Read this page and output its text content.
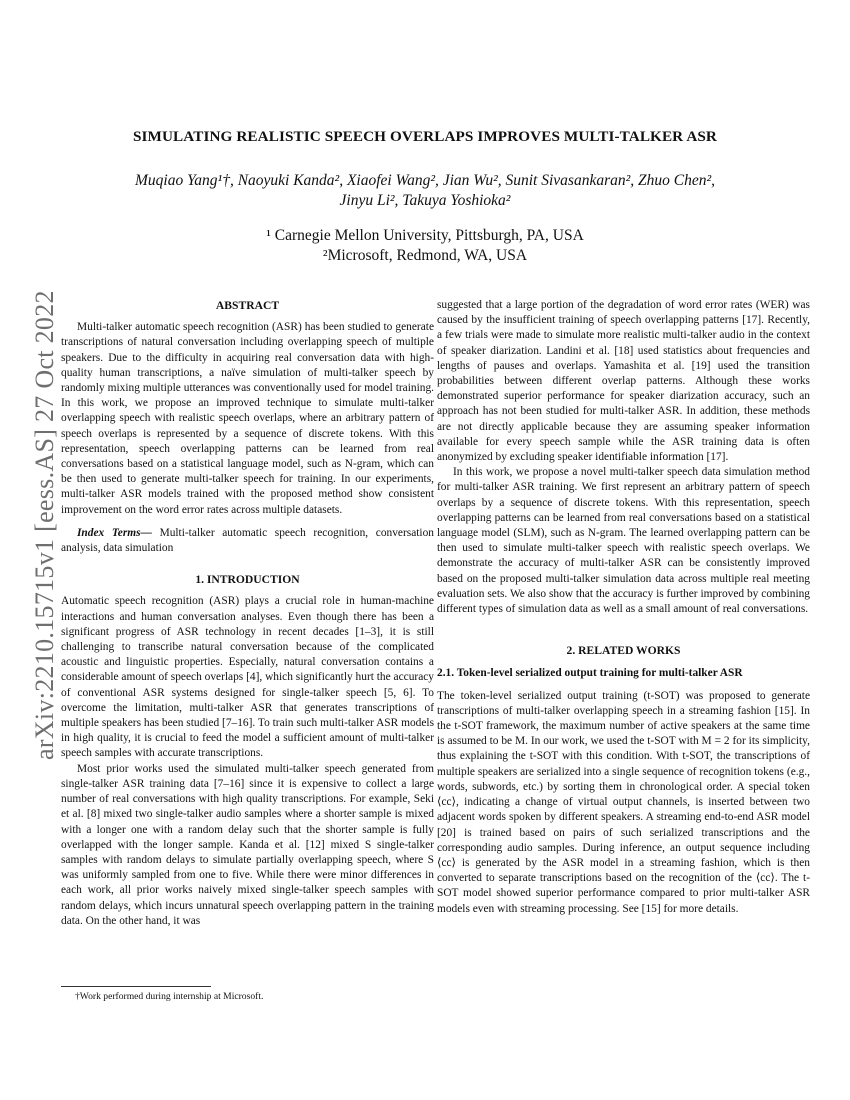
arXiv:2210.15715v1 [eess.AS] 27 Oct 2022
SIMULATING REALISTIC SPEECH OVERLAPS IMPROVES MULTI-TALKER ASR
Muqiao Yang¹†, Naoyuki Kanda², Xiaofei Wang², Jian Wu², Sunit Sivasankaran², Zhuo Chen²,
Jinyu Li², Takuya Yoshioka²
¹ Carnegie Mellon University, Pittsburgh, PA, USA
²Microsoft, Redmond, WA, USA
ABSTRACT

Multi-talker automatic speech recognition (ASR) has been studied to generate transcriptions of natural conversation including overlapping speech of multiple speakers. Due to the difficulty in acquiring real conversation data with high-quality human transcriptions, a naïve simulation of multi-talker speech by randomly mixing multiple utterances was conventionally used for model training. In this work, we propose an improved technique to simulate multi-talker overlapping speech with realistic speech overlaps, where an arbitrary pattern of speech overlaps is represented by a sequence of discrete tokens. With this representation, speech overlapping patterns can be learned from real conversations based on a statistical language model, such as N-gram, which can be then used to generate multi-talker speech for training. In our experiments, multi-talker ASR models trained with the proposed method show consistent improvement on the word error rates across multiple datasets.

Index Terms— Multi-talker automatic speech recognition, conversation analysis, data simulation

1. INTRODUCTION

Automatic speech recognition (ASR) plays a crucial role in human-machine interactions and human conversation analyses. Even though there has been a significant progress of ASR technology in recent decades [1–3], it is still challenging to transcribe natural conversation because of the complicated acoustic and linguistic properties. Especially, natural conversation contains a considerable amount of speech overlaps [4], which significantly hurt the accuracy of conventional ASR systems designed for single-talker speech [5, 6]. To overcome the limitation, multi-talker ASR that generates transcriptions of multiple speakers has been studied [7–16]. To train such multi-talker ASR models in high quality, it is crucial to feed the model a sufficient amount of multi-talker speech samples with accurate transcriptions.

Most prior works used the simulated multi-talker speech generated from single-talker ASR training data [7–16] since it is expensive to collect a large number of real conversations with high quality transcriptions. For example, Seki et al. [8] mixed two single-talker audio samples where a shorter sample is mixed with a longer one with a random delay such that the shorter sample is fully overlapped with the longer sample. Kanda et al. [12] mixed S single-talker samples with random delays to simulate partially overlapping speech, where S was uniformly sampled from one to five. While there were minor differences in each work, all prior works naively mixed single-talker speech samples with random delays, which incurs unnatural speech overlapping pattern in the training data. On the other hand, it was

suggested that a large portion of the degradation of word error rates (WER) was caused by the insufficient training of speech overlapping patterns [17]. Recently, a few trials were made to simulate more realistic multi-talker audio in the context of speaker diarization. Landini et al. [18] used statistics about frequencies and lengths of pauses and overlaps. Yamashita et al. [19] used the transition probabilities between different overlap patterns. Although these works demonstrated superior performance for speaker diarization accuracy, such an approach has not been studied for multi-talker ASR. In addition, these methods are not directly applicable because they are assuming speaker information available for every speech sample while the ASR training data is often anonymized by excluding speaker identifiable information [17].

In this work, we propose a novel multi-talker speech data simulation method for multi-talker ASR training. We first represent an arbitrary pattern of speech overlaps by a sequence of discrete tokens. With this representation, speech overlapping patterns can be learned from real conversations based on a statistical language model (SLM), such as N-gram. The learned overlapping pattern can be then used to simulate multi-talker speech with realistic speech overlaps. We demonstrate the accuracy of multi-talker ASR can be consistently improved based on the proposed multi-talker simulation data across multiple real meeting evaluation sets. We also show that the accuracy is further improved by combining different types of simulation data as well as a small amount of real conversations.

2. RELATED WORKS
2.1. Token-level serialized output training for multi-talker ASR

The token-level serialized output training (t-SOT) was proposed to generate transcriptions of multi-talker overlapping speech in a streaming fashion [15]. In the t-SOT framework, the maximum number of active speakers at the same time is assumed to be M. In our work, we used the t-SOT with M = 2 for its simplicity, thus explaining the t-SOT with this condition. With t-SOT, the transcriptions of multiple speakers are serialized into a single sequence of recognition tokens (e.g., words, subwords, etc.) by sorting them in chronological order. A special token ⟨cc⟩, indicating a change of virtual output channels, is inserted between two adjacent words spoken by different speakers. A streaming end-to-end ASR model [20] is trained based on pairs of such serialized transcriptions and the corresponding audio samples. During inference, an output sequence including ⟨cc⟩ is generated by the ASR model in a streaming fashion, which is then converted to separate transcriptions based on the recognition of the ⟨cc⟩. The t-SOT model showed superior performance compared to prior multi-talker ASR models even with streaming processing. See [15] for more details.

†Work performed during internship at Microsoft.
